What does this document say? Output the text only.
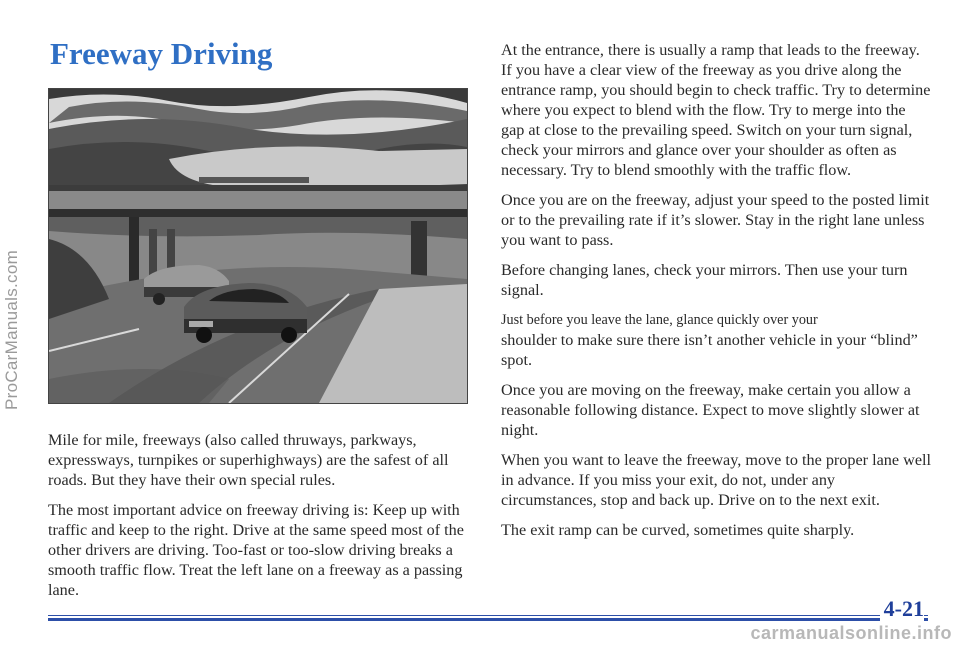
ProCarManuals.com
Freeway Driving

Mile for mile, freeways (also called thruways, parkways, expressways, turnpikes or superhighways) are the safest of all roads. But they have their own special rules.

The most important advice on freeway driving is: Keep up with traffic and keep to the right. Drive at the same speed most of the other drivers are driving. Too-fast or too-slow driving breaks a smooth traffic flow. Treat the left lane on a freeway as a passing lane.

At the entrance, there is usually a ramp that leads to the freeway. If you have a clear view of the freeway as you drive along the entrance ramp, you should begin to check traffic. Try to determine where you expect to blend with the flow. Try to merge into the gap at close to the prevailing speed. Switch on your turn signal, check your mirrors and glance over your shoulder as often as necessary. Try to blend smoothly with the traffic flow.

Once you are on the freeway, adjust your speed to the posted limit or to the prevailing rate if it’s slower. Stay in the right lane unless you want to pass.

Before changing lanes, check your mirrors. Then use your turn signal.

Just before you leave the lane, glance quickly over your

shoulder to make sure there isn’t another vehicle in your “blind” spot.

Once you are moving on the freeway, make certain you allow a reasonable following distance. Expect to move slightly slower at night.

When you want to leave the freeway, move to the proper lane well in advance. If you miss your exit, do not, under any circumstances, stop and back up. Drive on to the next exit.

The exit ramp can be curved, sometimes quite sharply.

4-21
carmanualsonline.info
